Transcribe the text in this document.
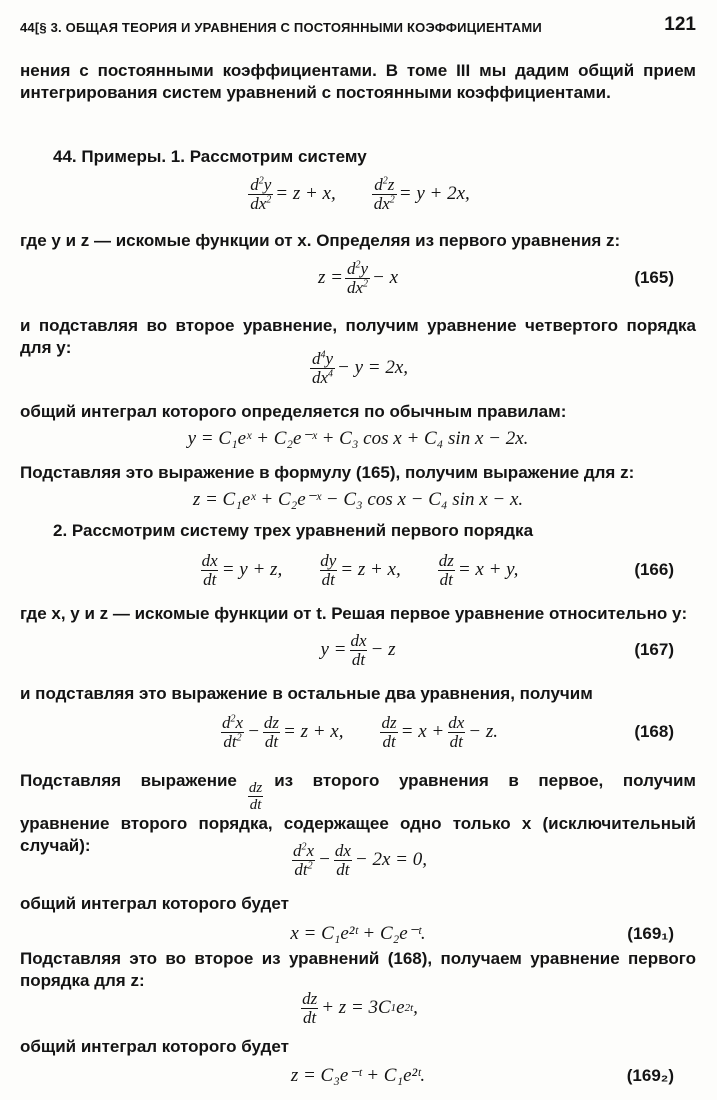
44[§ 3. ОБЩАЯ ТЕОРИЯ И УРАВНЕНИЯ С ПОСТОЯННЫМИ КОЭФФИЦИЕНТАМИ	121
нения с постоянными коэффициентами. В томе III мы дадим общий прием интегрирования систем уравнений с постоянными коэффициентами.
44. Примеры. 1. Рассмотрим систему
$d^2y$
$dx^2 = z + x$, $d^2z$
$dx^2 = y + 2x$,
где y и z — искомые функции от x. Определяя из первого уравнения z:
$z = d^2y$
$dx^2 - x$	(165)
и подставляя во второе уравнение, получим уравнение четвертого порядка для y:
$d^4y$
$dx^4 - y = 2x$,
общий интеграл которого определяется по обычным правилам:
y = C₁eˣ + C₂e⁻ˣ + C₃ cos x + C₄ sin x − 2x.
Подставляя это выражение в формулу (165), получим выражение для z:
z = C₁eˣ + C₂e⁻ˣ − C₃ cos x − C₄ sin x − x.
2. Рассмотрим систему трех уравнений первого порядка
dx
dt = y + z, dy
dt = z + x, dz
dt = x + y,	(166)
где x, y и z — искомые функции от t. Решая первое уравнение относительно y:
y = dx
dt − z	(167)
и подставляя это выражение в остальные два уравнения, получим
$d^2x$
$dt^2$ − dz
dt = z + x, dz
dt = x + dx
dt − z.	(168)
Подставляя выражение $\frac{dz}{dt}$ из второго уравнения в первое, получим уравнение второго порядка, содержащее одно только x (исключительный случай):	$d^2x$
$dt^2$ − dx
dt − 2x = 0,
общий интеграл которого будет
x = C₁e²ᵗ + C₂e⁻ᵗ.	(169₁)
Подставляя это во второе из уравнений (168), получаем уравнение первого порядка для z:
dz
dt + z = 3C 1 e 2t ,
общий интеграл которого будет
z = C₃e⁻ᵗ + C₁e²ᵗ.	(169₂)
